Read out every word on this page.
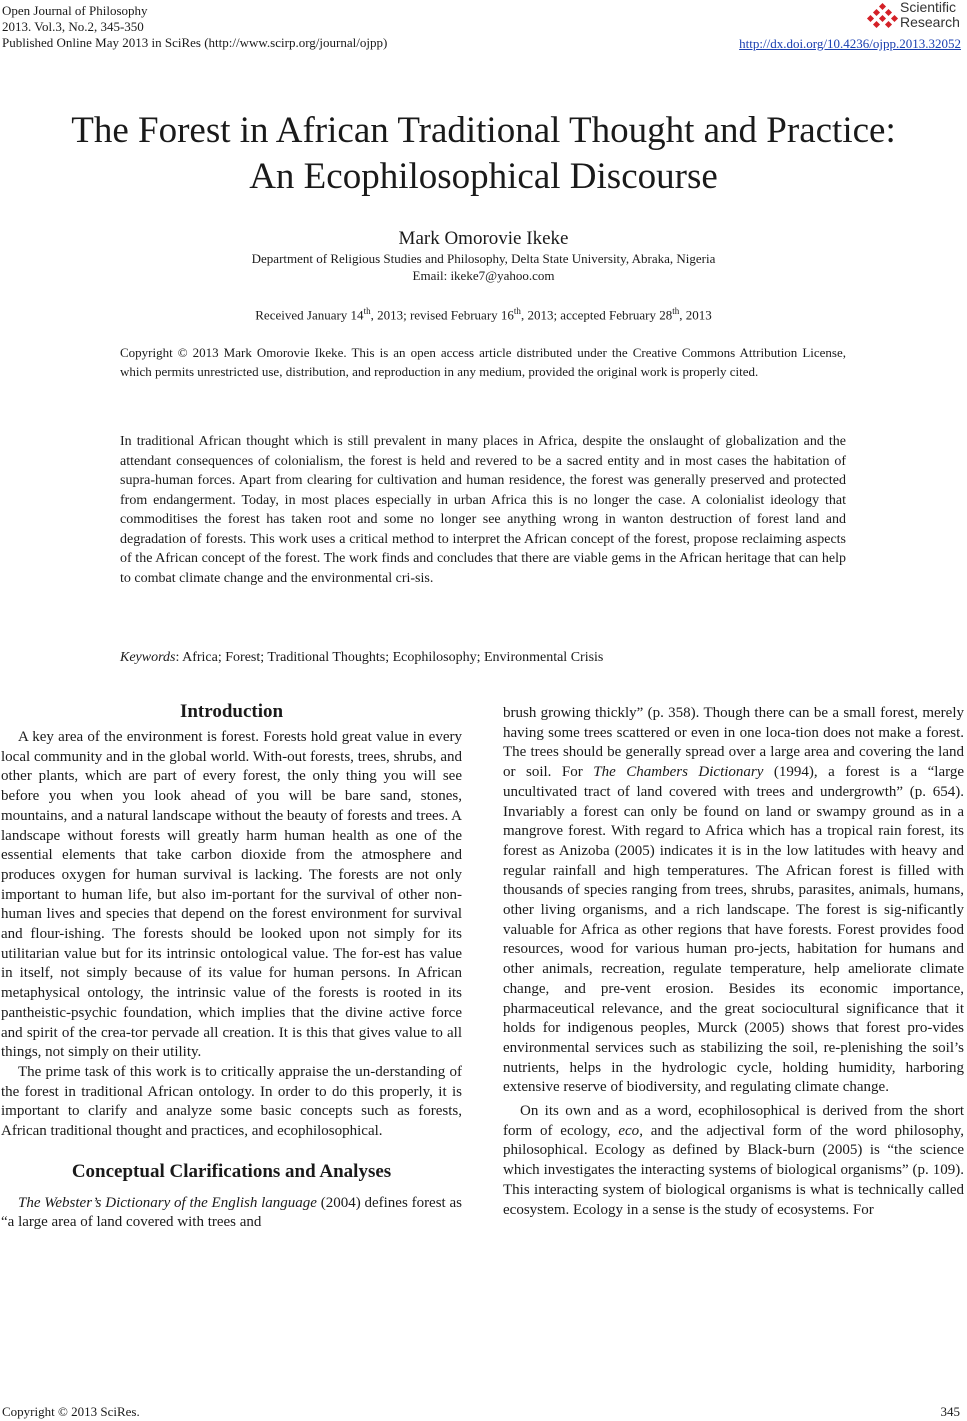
Open Journal of Philosophy
2013. Vol.3, No.2, 345-350
Published Online May 2013 in SciRes (http://www.scirp.org/journal/ojpp)
Scientific
Research
http://dx.doi.org/10.4236/ojpp.2013.32052
The Forest in African Traditional Thought and Practice:
An Ecophilosophical Discourse
Mark Omorovie Ikeke
Department of Religious Studies and Philosophy, Delta State University, Abraka, Nigeria
Email: ikeke7@yahoo.com
Received January 14th, 2013; revised February 16th, 2013; accepted February 28th, 2013
Copyright © 2013 Mark Omorovie Ikeke. This is an open access article distributed under the Creative Commons Attribution License, which permits unrestricted use, distribution, and reproduction in any medium, provided the original work is properly cited.
In traditional African thought which is still prevalent in many places in Africa, despite the onslaught of globalization and the attendant consequences of colonialism, the forest is held and revered to be a sacred entity and in most cases the habitation of supra-human forces. Apart from clearing for cultivation and human residence, the forest was generally preserved and protected from endangerment. Today, in most places especially in urban Africa this is no longer the case. A colonialist ideology that commoditises the forest has taken root and some no longer see anything wrong in wanton destruction of forest land and degradation of forests. This work uses a critical method to interpret the African concept of the forest, propose reclaiming aspects of the African concept of the forest. The work finds and concludes that there are viable gems in the African heritage that can help to combat climate change and the environmental cri-sis.
Keywords: Africa; Forest; Traditional Thoughts; Ecophilosophy; Environmental Crisis
Introduction

A key area of the environment is forest. Forests hold great value in every local community and in the global world. With-out forests, trees, shrubs, and other plants, which are part of every forest, the only thing you will see before you when you look ahead of you will be bare sand, stones, mountains, and a natural landscape without the beauty of forests and trees. A landscape without forests will greatly harm human health as one of the essential elements that take carbon dioxide from the atmosphere and produces oxygen for human survival is lacking. The forests are not only important to human life, but also im-portant for the survival of other non-human lives and species that depend on the forest environment for survival and flour-ishing. The forests should be looked upon not simply for its utilitarian value but for its intrinsic ontological value. The for-est has value in itself, not simply because of its value for human persons. In African metaphysical ontology, the intrinsic value of the forests is rooted in its pantheistic-psychic foundation, which implies that the divine active force and spirit of the crea-tor pervade all creation. It is this that gives value to all things, not simply on their utility.

The prime task of this work is to critically appraise the un-derstanding of the forest in traditional African ontology. In order to do this properly, it is important to clarify and analyze some basic concepts such as forests, African traditional thought and practices, and ecophilosophical.

Conceptual Clarifications and Analyses

The Webster’s Dictionary of the English language (2004) defines forest as “a large area of land covered with trees and

brush growing thickly” (p. 358). Though there can be a small forest, merely having some trees scattered or even in one loca-tion does not make a forest. The trees should be generally spread over a large area and covering the land or soil. For The Chambers Dictionary (1994), a forest is a “large uncultivated tract of land covered with trees and undergrowth” (p. 654). Invariably a forest can only be found on land or swampy ground as in a mangrove forest. With regard to Africa which has a tropical rain forest, its forest as Anizoba (2005) indicates it is in the low latitudes with heavy and regular rainfall and high temperatures. The African forest is filled with thousands of species ranging from trees, shrubs, parasites, animals, humans, other living organisms, and a rich landscape. The forest is sig-nificantly valuable for Africa as other regions that have forests. Forest provides food resources, wood for various human pro-jects, habitation for humans and other animals, recreation, regulate temperature, help ameliorate climate change, and pre-vent erosion. Besides its economic importance, pharmaceutical relevance, and the great sociocultural significance that it holds for indigenous peoples, Murck (2005) shows that forest pro-vides environmental services such as stabilizing the soil, re-plenishing the soil’s nutrients, helps in the hydrologic cycle, holding humidity, harboring extensive reserve of biodiversity, and regulating climate change.

On its own and as a word, ecophilosophical is derived from the short form of ecology, eco, and the adjectival form of the word philosophy, philosophical. Ecology as defined by Black-burn (2005) is “the science which investigates the interacting systems of biological organisms” (p. 109). This interacting system of biological organisms is what is technically called ecosystem. Ecology in a sense is the study of ecosystems. For

Copyright © 2013 SciRes.	345
